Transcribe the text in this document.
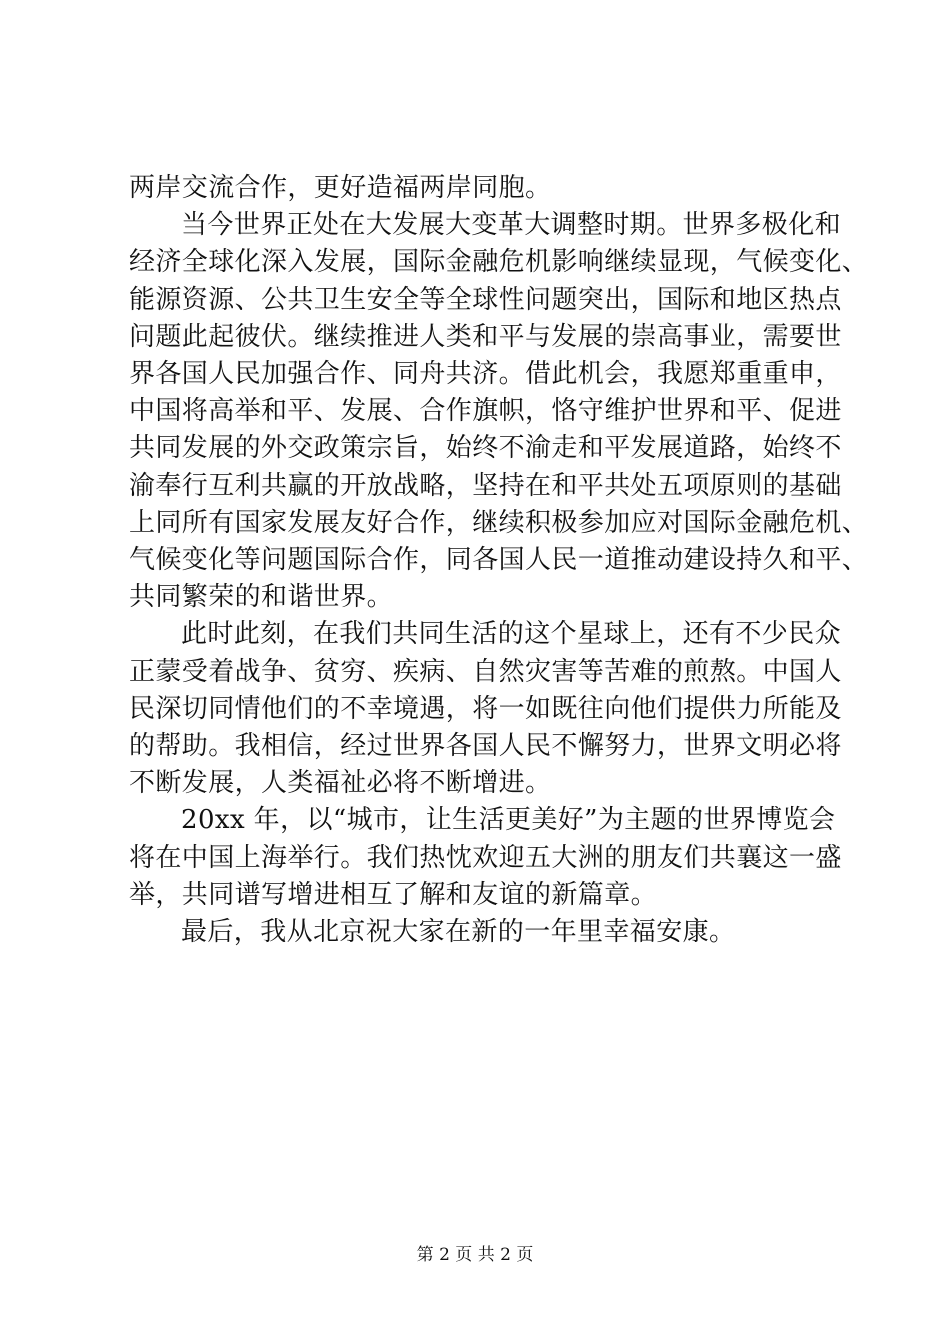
两岸交流合作，更好造福两岸同胞。
当今世界正处在大发展大变革大调整时期。世界多极化和
经济全球化深入发展，国际金融危机影响继续显现，气候变化、
能源资源、公共卫生安全等全球性问题突出，国际和地区热点
问题此起彼伏。继续推进人类和平与发展的崇高事业，需要世
界各国人民加强合作、同舟共济。借此机会，我愿郑重重申，
中国将高举和平、发展、合作旗帜，恪守维护世界和平、促进
共同发展的外交政策宗旨，始终不渝走和平发展道路，始终不
渝奉行互利共赢的开放战略，坚持在和平共处五项原则的基础
上同所有国家发展友好合作，继续积极参加应对国际金融危机、
气候变化等问题国际合作，同各国人民一道推动建设持久和平、
共同繁荣的和谐世界。
此时此刻，在我们共同生活的这个星球上，还有不少民众
正蒙受着战争、贫穷、疾病、自然灾害等苦难的煎熬。中国人
民深切同情他们的不幸境遇，将一如既往向他们提供力所能及
的帮助。我相信，经过世界各国人民不懈努力，世界文明必将
不断发展，人类福祉必将不断增进。
20xx 年，以“城市，让生活更美好”为主题的世界博览会
将在中国上海举行。我们热忱欢迎五大洲的朋友们共襄这一盛
举，共同谱写增进相互了解和友谊的新篇章。
最后，我从北京祝大家在新的一年里幸福安康。
第 2 页 共 2 页
